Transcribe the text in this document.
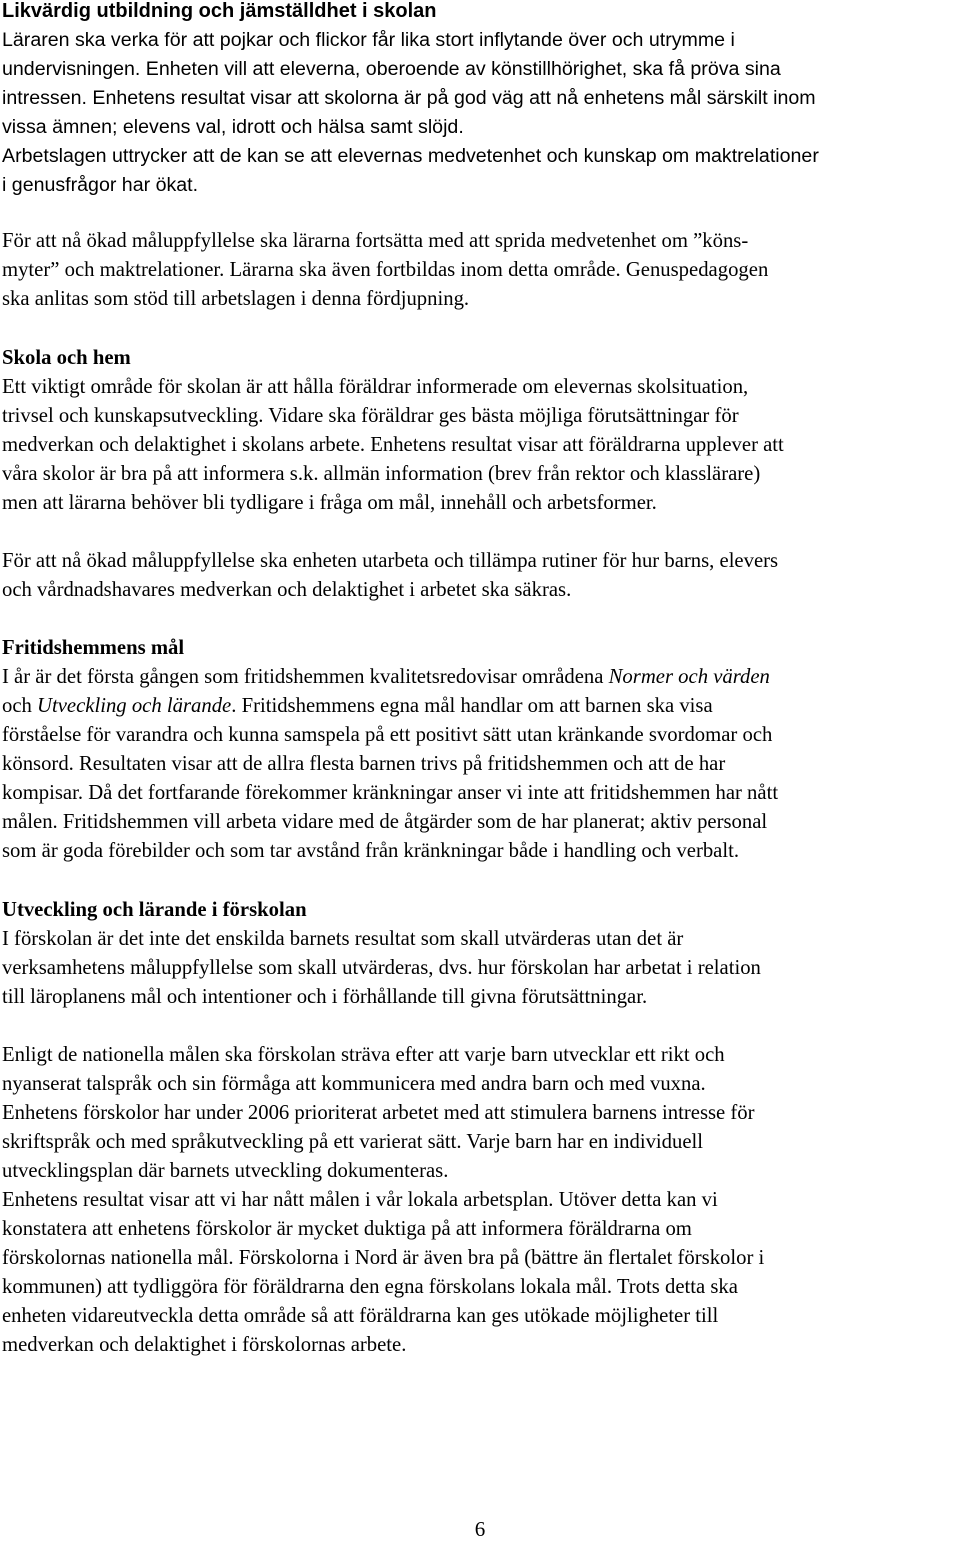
Likvärdig utbildning och jämställdhet i skolan
Läraren ska verka för att pojkar och flickor får lika stort inflytande över och utrymme i
undervisningen. Enheten vill att eleverna, oberoende av könstillhörighet, ska få pröva sina
intressen. Enhetens resultat visar att skolorna är på god väg att nå enhetens mål särskilt inom
vissa ämnen; elevens val, idrott och hälsa samt slöjd.
Arbetslagen uttrycker att de kan se att elevernas medvetenhet och kunskap om maktrelationer
i genusfrågor har ökat.
För att nå ökad måluppfyllelse ska lärarna fortsätta med att sprida medvetenhet om ”köns-
myter” och maktrelationer. Lärarna ska även fortbildas inom detta område. Genuspedagogen
ska anlitas som stöd till arbetslagen i denna fördjupning.
Skola och hem
Ett viktigt område för skolan är att hålla föräldrar informerade om elevernas skolsituation,
trivsel och kunskapsutveckling. Vidare ska föräldrar ges bästa möjliga förutsättningar för
medverkan och delaktighet i skolans arbete. Enhetens resultat visar att föräldrarna upplever att
våra skolor är bra på att informera s.k. allmän information (brev från rektor och klasslärare)
men att lärarna behöver bli tydligare i fråga om mål, innehåll och arbetsformer.
För att nå ökad måluppfyllelse ska enheten utarbeta och tillämpa rutiner för hur barns, elevers
och vårdnadshavares medverkan och delaktighet i arbetet ska säkras.
Fritidshemmens mål
I år är det första gången som fritidshemmen kvalitetsredovisar områdena Normer och värden
och Utveckling och lärande. Fritidshemmens egna mål handlar om att barnen ska visa
förståelse för varandra och kunna samspela på ett positivt sätt utan kränkande svordomar och
könsord. Resultaten visar att de allra flesta barnen trivs på fritidshemmen och att de har
kompisar. Då det fortfarande förekommer kränkningar anser vi inte att fritidshemmen har nått
målen. Fritidshemmen vill arbeta vidare med de åtgärder som de har planerat; aktiv personal
som är goda förebilder och som tar avstånd från kränkningar både i handling och verbalt.
Utveckling och lärande i förskolan
I förskolan är det inte det enskilda barnets resultat som skall utvärderas utan det är
verksamhetens måluppfyllelse som skall utvärderas, dvs. hur förskolan har arbetat i relation
till läroplanens mål och intentioner och i förhållande till givna förutsättningar.
Enligt de nationella målen ska förskolan sträva efter att varje barn utvecklar ett rikt och
nyanserat talspråk och sin förmåga att kommunicera med andra barn och med vuxna.
Enhetens förskolor har under 2006 prioriterat arbetet med att stimulera barnens intresse för
skriftspråk och med språkutveckling på ett varierat sätt. Varje barn har en individuell
utvecklingsplan där barnets utveckling dokumenteras.
Enhetens resultat visar att vi har nått målen i vår lokala arbetsplan. Utöver detta kan vi
konstatera att enhetens förskolor är mycket duktiga på att informera föräldrarna om
förskolornas nationella mål. Förskolorna i Nord är även bra på (bättre än flertalet förskolor i
kommunen) att tydliggöra för föräldrarna den egna förskolans lokala mål. Trots detta ska
enheten vidareutveckla detta område så att föräldrarna kan ges utökade möjligheter till
medverkan och delaktighet i förskolornas arbete.
6
